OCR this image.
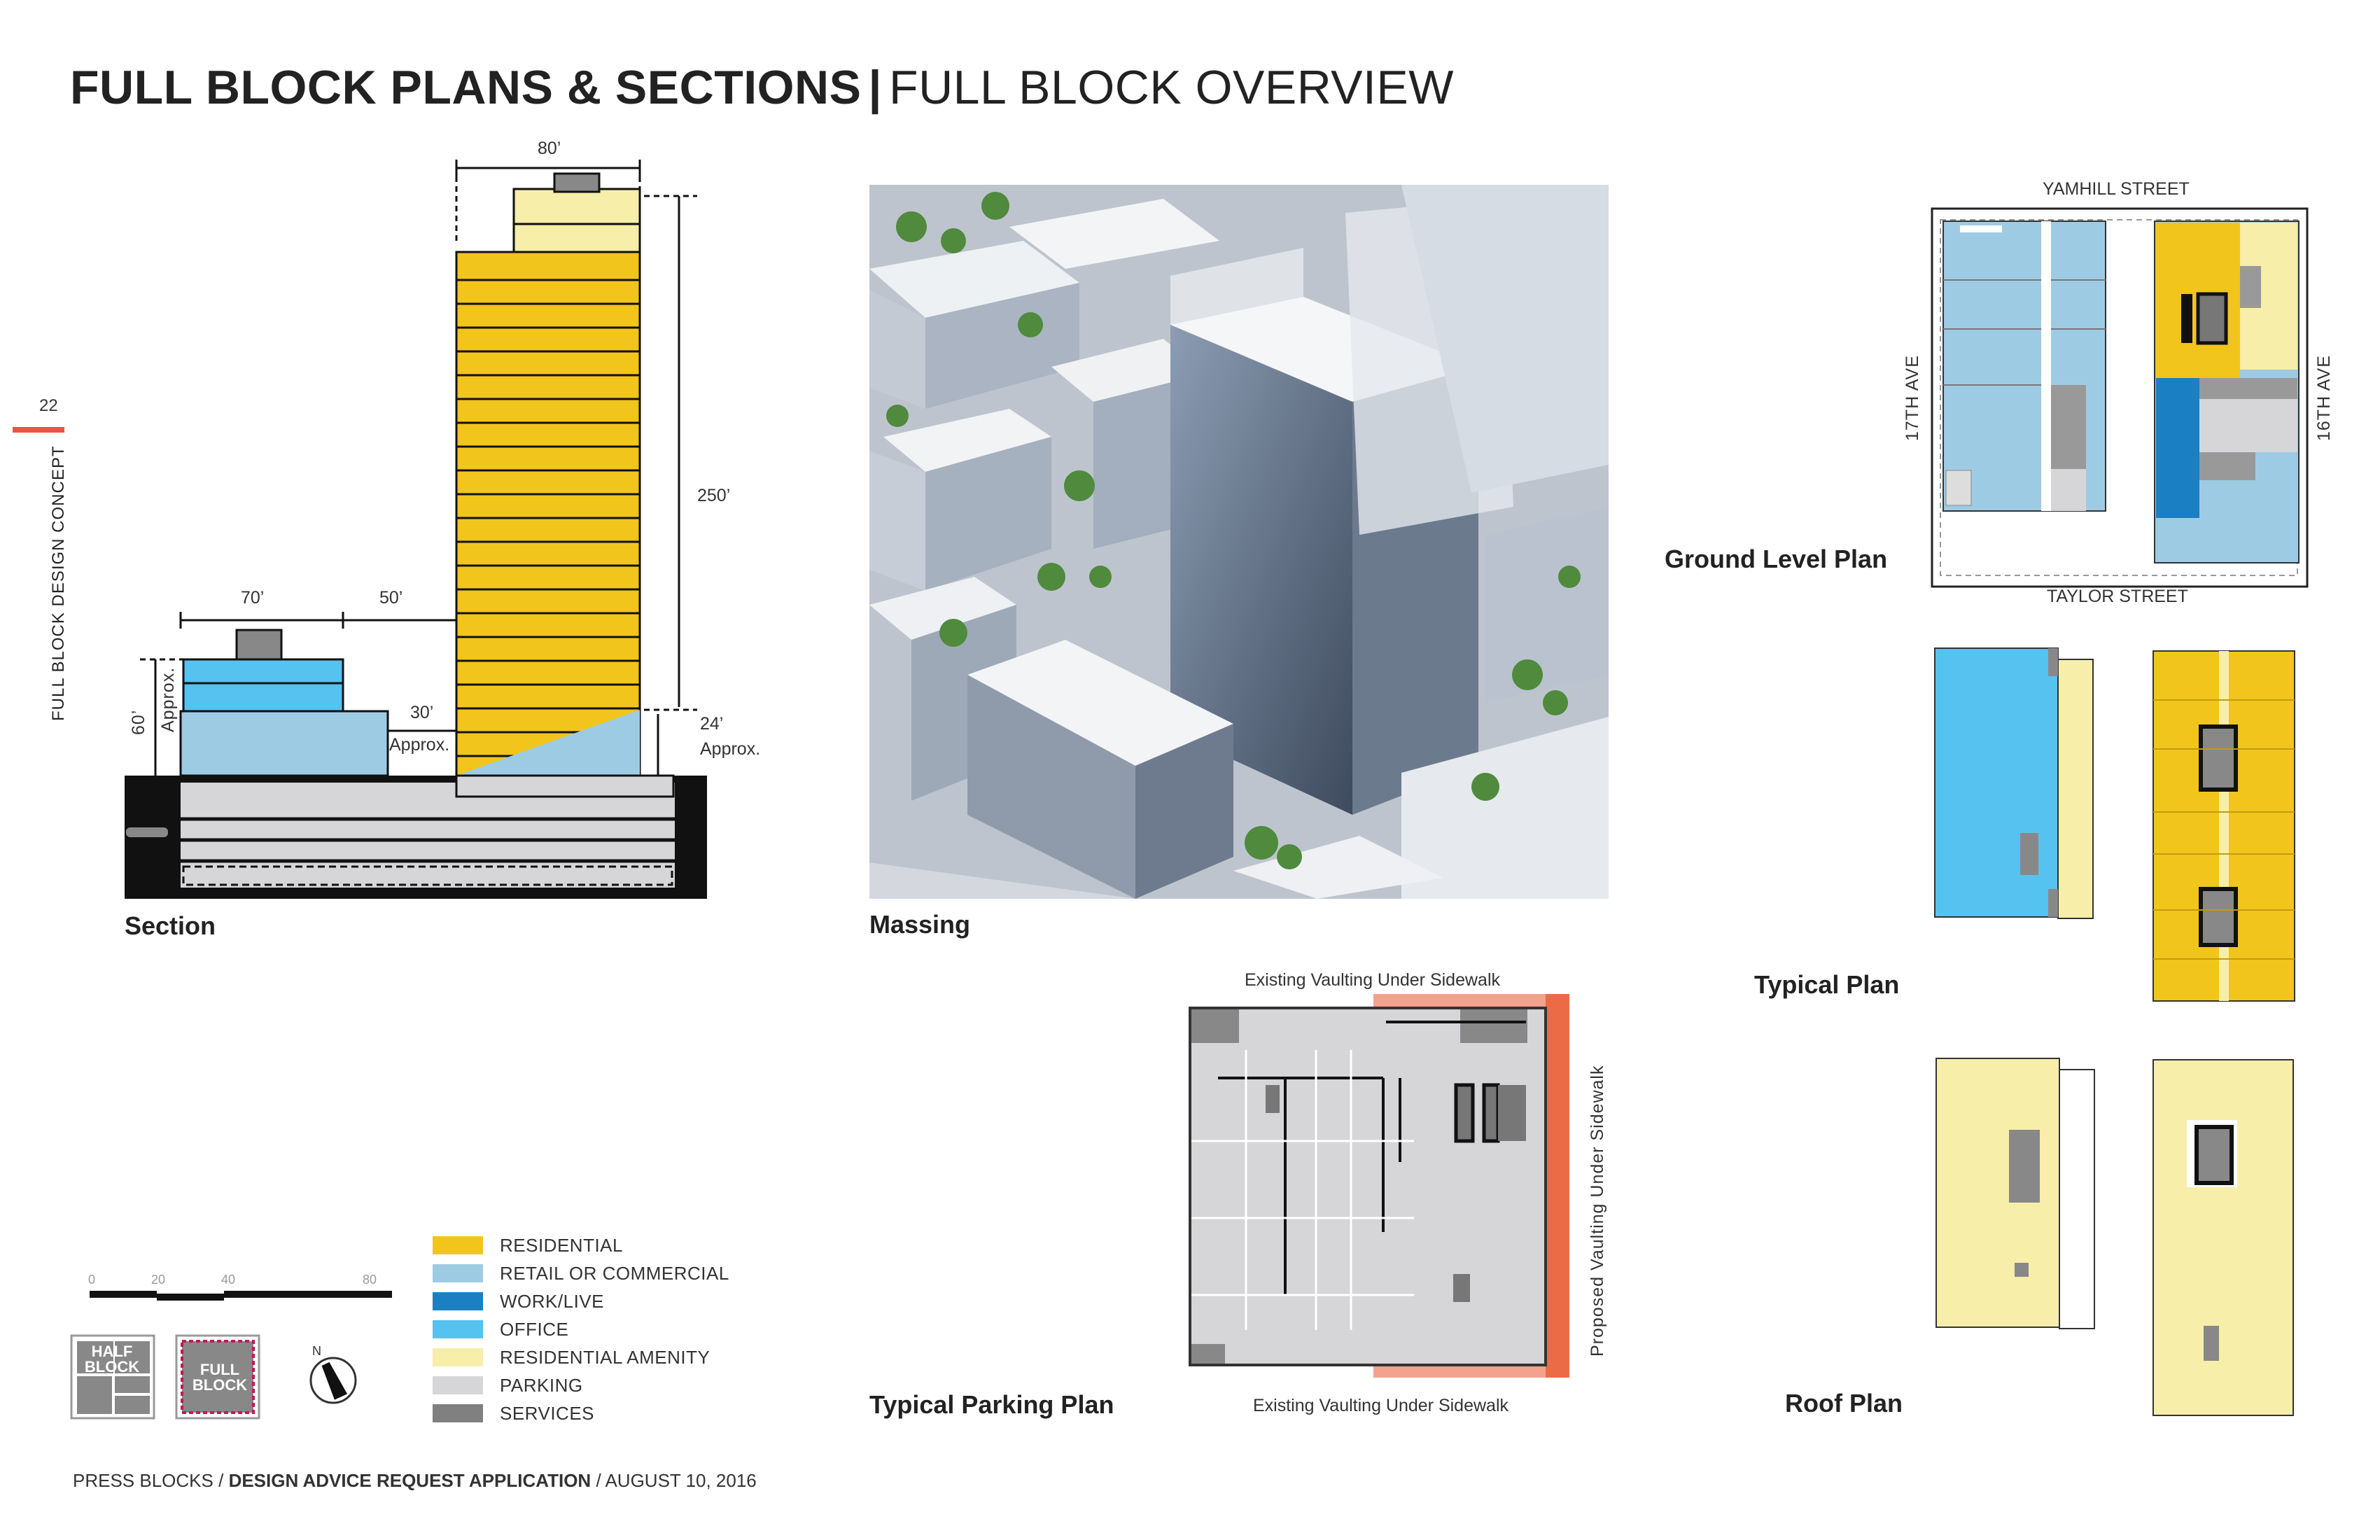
FULL BLOCK PLANS & SECTIONS | FULL BLOCK OVERVIEW
22
FULL BLOCK DESIGN CONCEPT
80’
250’
70’	50’
30’
Approx.
24’
Approx.
60’ Approx.
Section	Massing
YAMHILL STREET
TAYLOR STREET
17TH AVE	16TH AVE
Ground Level Plan
Typical Plan
Roof Plan
Existing Vaulting Under Sidewalk
Existing Vaulting Under Sidewalk
Proposed Vaulting Under Sidewalk
Typical Parking Plan
0	20	40	80
HALF BLOCK	FULL BLOCK
N
RESIDENTIAL
RETAIL OR COMMERCIAL
WORK/LIVE
OFFICE
RESIDENTIAL AMENITY
PARKING
SERVICES
PRESS BLOCKS / DESIGN ADVICE REQUEST APPLICATION / AUGUST 10, 2016
